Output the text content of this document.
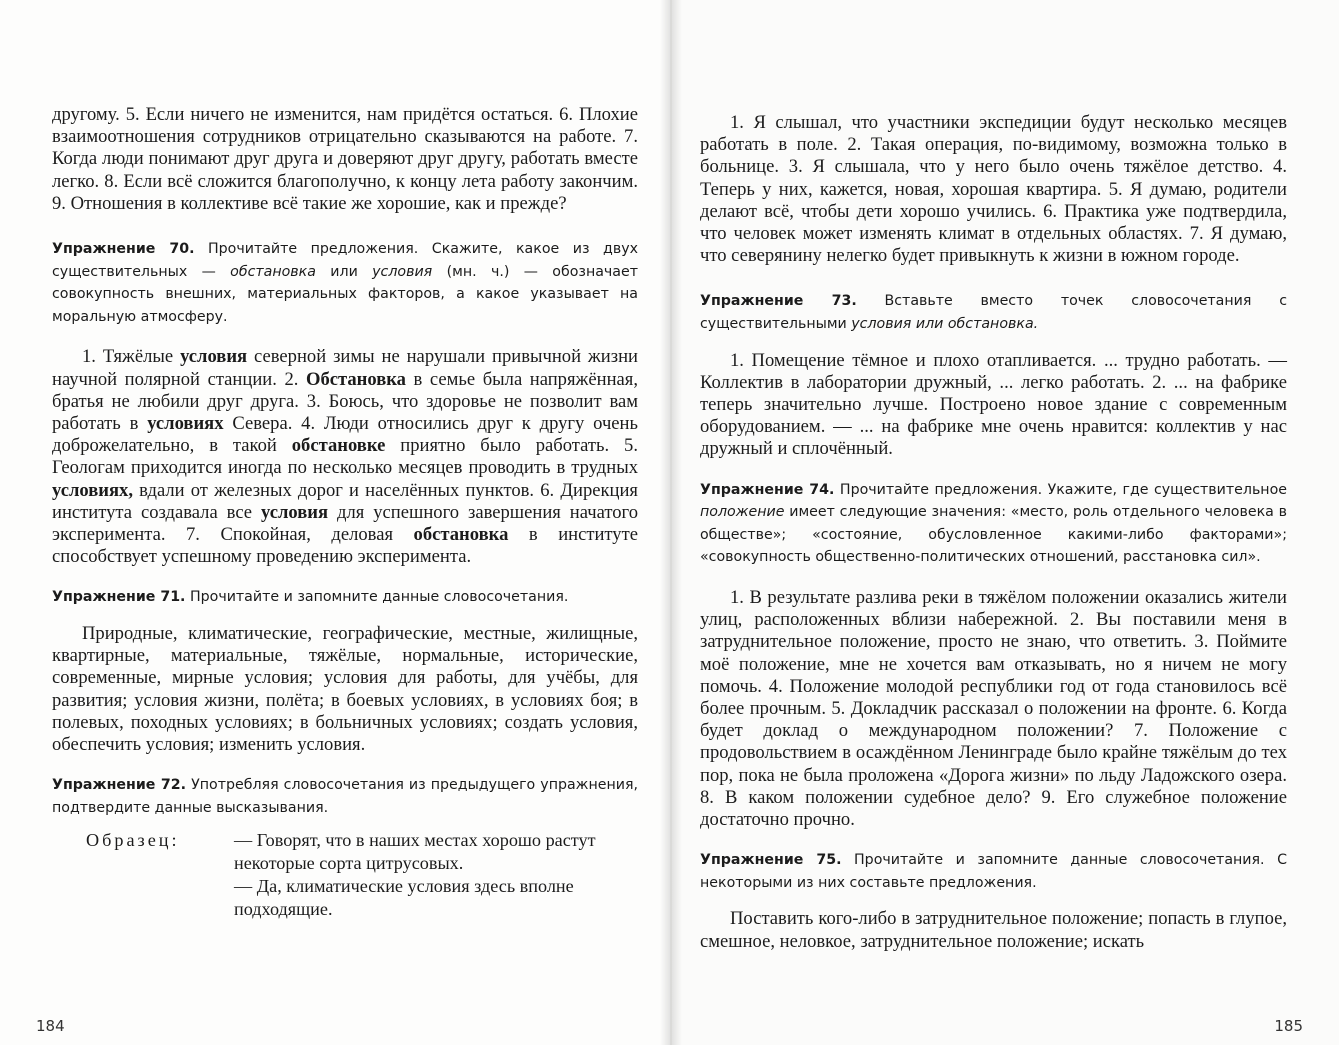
другому. 5. Если ничего не изменится, нам придётся остаться. 6. Плохие взаимоотношения сотрудников отрицательно сказываются на работе. 7. Когда люди понимают друг друга и доверяют друг другу, работать вместе легко. 8. Если всё сложится благополучно, к концу лета работу закончим. 9. Отношения в коллективе всё такие же хорошие, как и прежде?

Упражнение 70. Прочитайте предложения. Скажите, какое из двух существительных — обстановка или условия (мн. ч.) — обозначает совокупность внешних, материальных факторов, а какое указывает на моральную атмосферу.

1. Тяжёлые условия северной зимы не нарушали привычной жизни научной полярной станции. 2. Обстановка в семье была напряжённая, братья не любили друг друга. 3. Боюсь, что здоровье не позволит вам работать в условиях Севера. 4. Люди относились друг к другу очень доброжелательно, в такой обстановке приятно было работать. 5. Геологам приходится иногда по несколько месяцев проводить в трудных условиях, вдали от железных дорог и населённых пунктов. 6. Дирекция института создавала все условия для успешного завершения начатого эксперимента. 7. Спокойная, деловая обстановка в институте способствует успешному проведению эксперимента.

Упражнение 71. Прочитайте и запомните данные словосочетания.

Природные, климатические, географические, местные, жилищные, квартирные, материальные, тяжёлые, нормальные, исторические, современные, мирные условия; условия для работы, для учёбы, для развития; условия жизни, полёта; в боевых условиях, в условиях боя; в полевых, походных условиях; в больничных условиях; создать условия, обеспечить условия; изменить условия.

Упражнение 72. Употребляя словосочетания из предыдущего упражнения, подтвердите данные высказывания.

Образец:	— Говорят, что в наших местах хорошо растут некоторые сорта цитрусовых.
— Да, климатические условия здесь вполне подходящие.
184

1. Я слышал, что участники экспедиции будут несколько месяцев работать в поле. 2. Такая операция, по-видимому, возможна только в больнице. 3. Я слышала, что у него было очень тяжёлое детство. 4. Теперь у них, кажется, новая, хорошая квартира. 5. Я думаю, родители делают всё, чтобы дети хорошо учились. 6. Практика уже подтвердила, что человек может изменять климат в отдельных областях. 7. Я думаю, что северянину нелегко будет привыкнуть к жизни в южном городе.

Упражнение 73. Вставьте вместо точек словосочетания с существительными условия или обстановка.

1. Помещение тёмное и плохо отапливается. ... трудно работать. — Коллектив в лаборатории дружный, ... легко работать. 2. ... на фабрике теперь значительно лучше. Построено новое здание с современным оборудованием. — ... на фабрике мне очень нравится: коллектив у нас дружный и сплочённый.

Упражнение 74. Прочитайте предложения. Укажите, где существительное положение имеет следующие значения: «место, роль отдельного человека в обществе»; «состояние, обусловленное какими-либо факторами»; «совокупность общественно-политических отношений, расстановка сил».

1. В результате разлива реки в тяжёлом положении оказались жители улиц, расположенных вблизи набережной. 2. Вы поставили меня в затруднительное положение, просто не знаю, что ответить. 3. Поймите моё положение, мне не хочется вам отказывать, но я ничем не могу помочь. 4. Положение молодой республики год от года становилось всё более прочным. 5. Докладчик рассказал о положении на фронте. 6. Когда будет доклад о международном положении? 7. Положение с продовольствием в осаждённом Ленинграде было крайне тяжёлым до тех пор, пока не была проложена «Дорога жизни» по льду Ладожского озера. 8. В каком положении судебное дело? 9. Его служебное положение достаточно прочно.

Упражнение 75. Прочитайте и запомните данные словосочетания. С некоторыми из них составьте предложения.

Поставить кого-либо в затруднительное положение; попасть в глупое, смешное, неловкое, затруднительное положение; искать

185
